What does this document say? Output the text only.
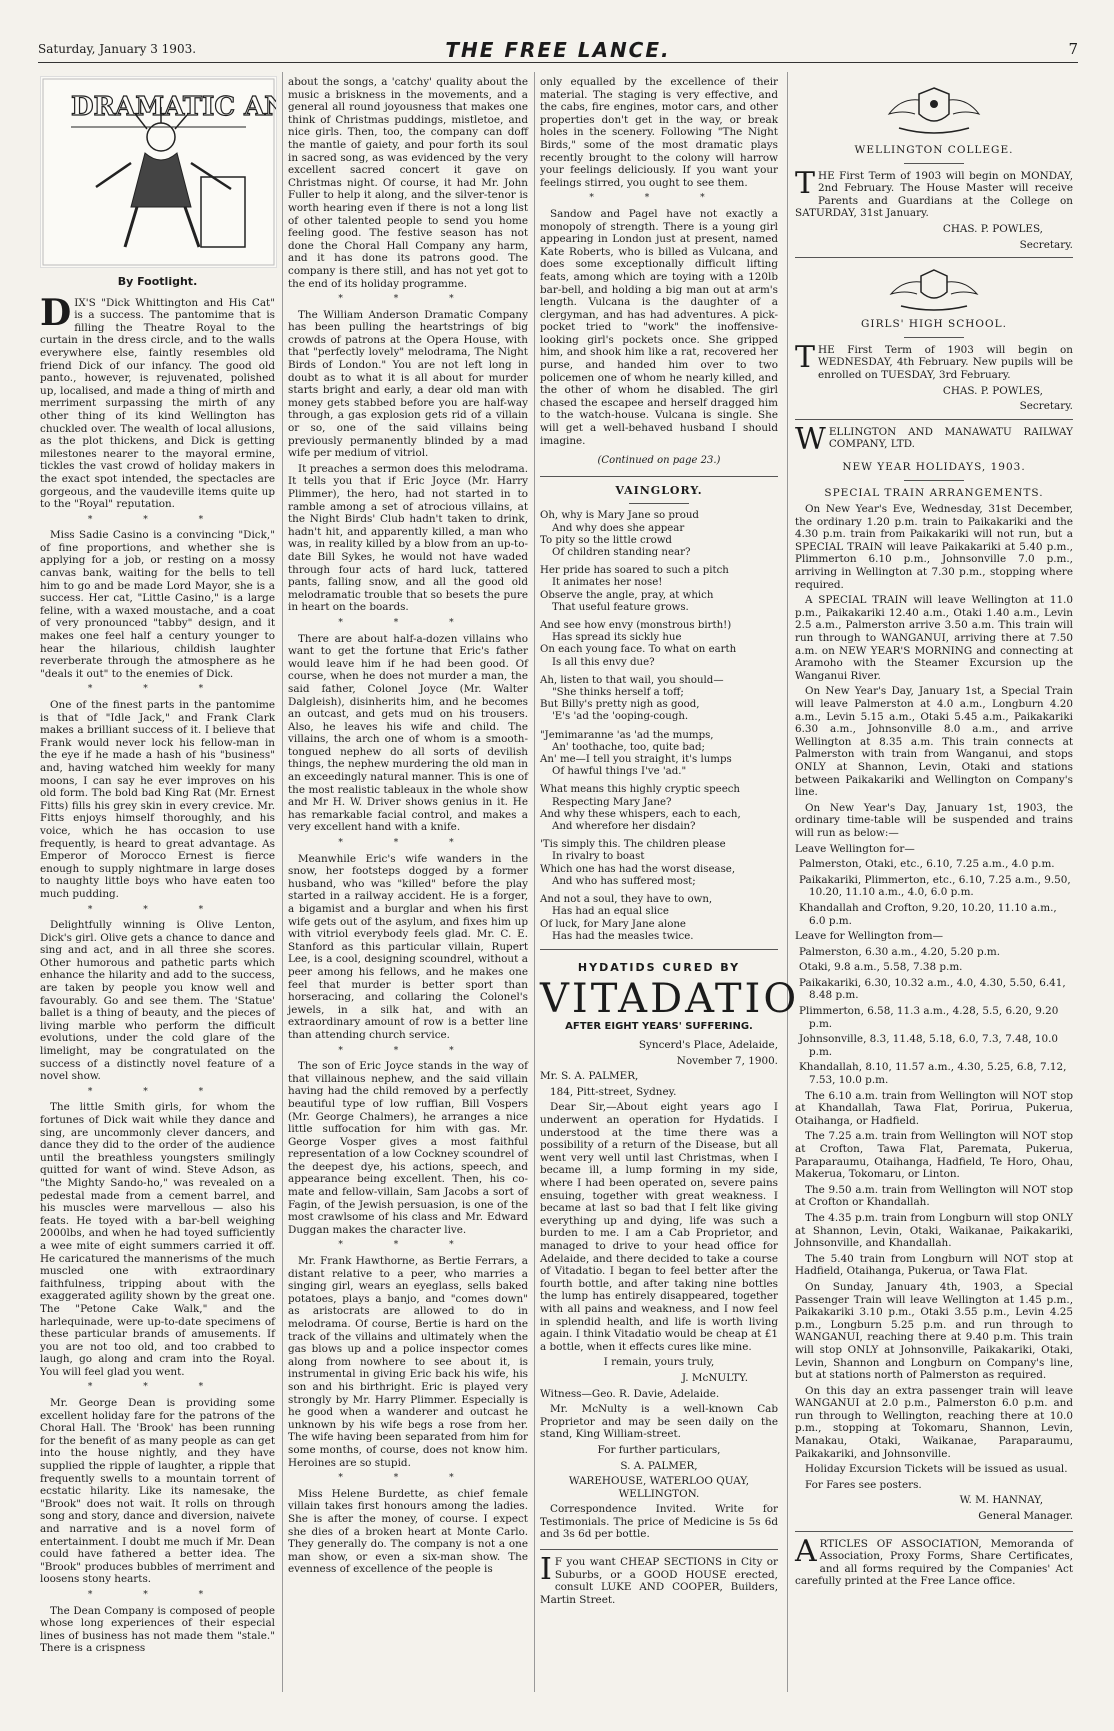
Saturday, January 3 1903.	THE FREE LANCE.	7
DRAMATIC A
By Footlight.

DIX'S "Dick Whittington and His Cat" is a success. The pantomime that is filling the Theatre Royal to the curtain in the dress circle, and to the walls everywhere else, faintly resembles old friend Dick of our infancy. The good old panto., however, is rejuvenated, polished up, localised, and made a thing of mirth and merriment surpassing the mirth of any other thing of its kind Wellington has chuckled over. The wealth of local allusions, as the plot thickens, and Dick is getting milestones nearer to the mayoral ermine, tickles the vast crowd of holiday makers in the exact spot intended, the spectacles are gorgeous, and the vaudeville items quite up to the "Royal" reputation.

* * *

Miss Sadie Casino is a convincing "Dick," of fine proportions, and whether she is applying for a job, or resting on a mossy canvas bank, waiting for the bells to tell him to go and be made Lord Mayor, she is a success. Her cat, "Little Casino," is a large feline, with a waxed moustache, and a coat of very pronounced "tabby" design, and it makes one feel half a century younger to hear the hilarious, childish laughter reverberate through the atmosphere as he "deals it out" to the enemies of Dick.

* * *

One of the finest parts in the pantomime is that of "Idle Jack," and Frank Clark makes a brilliant success of it. I believe that Frank would never lock his fellow-man in the eye if he made a hash of his "business" and, having watched him weekly for many moons, I can say he ever improves on his old form. The bold bad King Rat (Mr. Ernest Fitts) fills his grey skin in every crevice. Mr. Fitts enjoys himself thoroughly, and his voice, which he has occasion to use frequently, is heard to great advantage. As Emperor of Morocco Ernest is fierce enough to supply nightmare in large doses to naughty little boys who have eaten too much pudding.

* * *

Delightfully winning is Olive Lenton, Dick's girl. Olive gets a chance to dance and sing and act, and in all three she scores. Other humorous and pathetic parts which enhance the hilarity and add to the success, are taken by people you know well and favourably. Go and see them. The 'Statue' ballet is a thing of beauty, and the pieces of living marble who perform the difficult evolutions, under the cold glare of the limelight, may be congratulated on the success of a distinctly novel feature of a novel show.

* * *

The little Smith girls, for whom the fortunes of Dick wait while they dance and sing, are uncommonly clever dancers, and dance they did to the order of the audience until the breathless youngsters smilingly quitted for want of wind. Steve Adson, as "the Mighty Sando-ho," was revealed on a pedestal made from a cement barrel, and his muscles were marvellous — also his feats. He toyed with a bar-bell weighing 2000lbs, and when he had toyed sufficiently a wee mite of eight summers carried it off. He caricatured the mannerisms of the much muscled one with extraordinary faithfulness, tripping about with the exaggerated agility shown by the great one. The "Petone Cake Walk," and the harlequinade, were up-to-date specimens of these particular brands of amusements. If you are not too old, and too crabbed to laugh, go along and cram into the Royal. You will feel glad you went.

* * *

Mr. George Dean is providing some excellent holiday fare for the patrons of the Choral Hall. The 'Brook' has been running for the benefit of as many people as can get into the house nightly, and they have supplied the ripple of laughter, a ripple that frequently swells to a mountain torrent of ecstatic hilarity. Like its namesake, the "Brook" does not wait. It rolls on through song and story, dance and diversion, naivete and narrative and is a novel form of entertainment. I doubt me much if Mr. Dean could have fathered a better idea. The "Brook" produces bubbles of merriment and loosens stony hearts.

* * *

The Dean Company is composed of people whose long experiences of their especial lines of business has not made them "stale." There is a crispness

about the songs, a 'catchy' quality about the music a briskness in the movements, and a general all round joyousness that makes one think of Christmas puddings, mistletoe, and nice girls. Then, too, the company can doff the mantle of gaiety, and pour forth its soul in sacred song, as was evidenced by the very excellent sacred concert it gave on Christmas night. Of course, it had Mr. John Fuller to help it along, and the silver-tenor is worth hearing even if there is not a long list of other talented people to send you home feeling good. The festive season has not done the Choral Hall Company any harm, and it has done its patrons good. The company is there still, and has not yet got to the end of its holiday programme.

* * *

The William Anderson Dramatic Company has been pulling the heartstrings of big crowds of patrons at the Opera House, with that "perfectly lovely" melodrama, The Night Birds of London." You are not left long in doubt as to what it is all about for murder starts bright and early, a dear old man with money gets stabbed before you are half-way through, a gas explosion gets rid of a villain or so, one of the said villains being previously permanently blinded by a mad wife per medium of vitriol.

It preaches a sermon does this melodrama. It tells you that if Eric Joyce (Mr. Harry Plimmer), the hero, had not started in to ramble among a set of atrocious villains, at the Night Birds' Club hadn't taken to drink, hadn't hit, and apparently killed, a man who was, in reality killed by a blow from an up-to-date Bill Sykes, he would not have waded through four acts of hard luck, tattered pants, falling snow, and all the good old melodramatic trouble that so besets the pure in heart on the boards.

* * *

There are about half-a-dozen villains who want to get the fortune that Eric's father would leave him if he had been good. Of course, when he does not murder a man, the said father, Colonel Joyce (Mr. Walter Dalgleish), disinherits him, and he becomes an outcast, and gets mud on his trousers. Also, he leaves his wife and child. The villains, the arch one of whom is a smooth-tongued nephew do all sorts of devilish things, the nephew murdering the old man in an exceedingly natural manner. This is one of the most realistic tableaux in the whole show and Mr H. W. Driver shows genius in it. He has remarkable facial control, and makes a very excellent hand with a knife.

* * *

Meanwhile Eric's wife wanders in the snow, her footsteps dogged by a former husband, who was "killed" before the play started in a railway accident. He is a forger, a bigamist and a burglar and when his first wife gets out of the asylum, and fixes him up with vitriol everybody feels glad. Mr. C. E. Stanford as this particular villain, Rupert Lee, is a cool, designing scoundrel, without a peer among his fellows, and he makes one feel that murder is better sport than horseracing, and collaring the Colonel's jewels, in a silk hat, and with an extraordinary amount of row is a better line than attending church service.

* * *

The son of Eric Joyce stands in the way of that villainous nephew, and the said villain having had the child removed by a perfectly beautiful type of low ruffian, Bill Vospers (Mr. George Chalmers), he arranges a nice little suffocation for him with gas. Mr. George Vosper gives a most faithful representation of a low Cockney scoundrel of the deepest dye, his actions, speech, and appearance being excellent. Then, his co-mate and fellow-villain, Sam Jacobs a sort of Fagin, of the Jewish persuasion, is one of the most crawlsome of his class and Mr. Edward Duggan makes the character live.

* * *

Mr. Frank Hawthorne, as Bertie Ferrars, a distant relative to a peer, who marries a singing girl, wears an eyeglass, sells baked potatoes, plays a banjo, and "comes down" as aristocrats are allowed to do in melodrama. Of course, Bertie is hard on the track of the villains and ultimately when the gas blows up and a police inspector comes along from nowhere to see about it, is instrumental in giving Eric back his wife, his son and his birthright. Eric is played very strongly by Mr. Harry Plimmer. Especially is he good when a wanderer and outcast he unknown by his wife begs a rose from her. The wife having been separated from him for some months, of course, does not know him. Heroines are so stupid.

* * *

Miss Helene Burdette, as chief female villain takes first honours among the ladies. She is after the money, of course. I expect she dies of a broken heart at Monte Carlo. They generally do. The company is not a one man show, or even a six-man show. The evenness of excellence of the people is

only equalled by the excellence of their material. The staging is very effective, and the cabs, fire engines, motor cars, and other properties don't get in the way, or break holes in the scenery. Following "The Night Birds," some of the most dramatic plays recently brought to the colony will harrow your feelings deliciously. If you want your feelings stirred, you ought to see them.

* * *

Sandow and Pagel have not exactly a monopoly of strength. There is a young girl appearing in London just at present, named Kate Roberts, who is billed as Vulcana, and does some exceptionally difficult lifting feats, among which are toying with a 120lb bar-bell, and holding a big man out at arm's length. Vulcana is the daughter of a clergyman, and has had adventures. A pick-pocket tried to "work" the inoffensive-looking girl's pockets once. She gripped him, and shook him like a rat, recovered her purse, and handed him over to two policemen one of whom he nearly killed, and the other of whom he disabled. The girl chased the escapee and herself dragged him to the watch-house. Vulcana is single. She will get a well-behaved husband I should imagine.

(Continued on page 23.)
VAINGLORY.
Oh, why is Mary Jane so proud
And why does she appear
To pity so the little crowd
Of children standing near?
Her pride has soared to such a pitch
It animates her nose!
Observe the angle, pray, at which
That useful feature grows.
And see how envy (monstrous birth!)
Has spread its sickly hue
On each young face. To what on earth
Is all this envy due?
Ah, listen to that wail, you should—
"She thinks herself a toff;
But Billy's pretty nigh as good,
'E's 'ad the 'ooping-cough.
"Jemimaranne 'as 'ad the mumps,
An' toothache, too, quite bad;
An' me—I tell you straight, it's lumps
Of hawful things I've 'ad."
What means this highly cryptic speech
Respecting Mary Jane?
And why these whispers, each to each,
And wherefore her disdain?
'Tis simply this. The children please
In rivalry to boast
Which one has had the worst disease,
And who has suffered most;
And not a soul, they have to own,
Has had an equal slice
Of luck, for Mary Jane alone
Has had the measles twice.
HYDATIDS CURED BY
VITADATIO
AFTER EIGHT YEARS' SUFFERING.

Syncerd's Place, Adelaide,

November 7, 1900.

Mr. S. A. PALMER,

184, Pitt-street, Sydney.

Dear Sir,—About eight years ago I underwent an operation for Hydatids. I understood at the time there was a possibility of a return of the Disease, but all went very well until last Christmas, when I became ill, a lump forming in my side, where I had been operated on, severe pains ensuing, together with great weakness. I became at last so bad that I felt like giving everything up and dying, life was such a burden to me. I am a Cab Proprietor, and managed to drive to your head office for Adelaide, and there decided to take a course of Vitadatio. I began to feel better after the fourth bottle, and after taking nine bottles the lump has entirely disappeared, together with all pains and weakness, and I now feel in splendid health, and life is worth living again. I think Vitadatio would be cheap at £1 a bottle, when it effects cures like mine.

I remain, yours truly,

J. McNULTY.

Witness—Geo. R. Davie, Adelaide.

Mr. McNulty is a well-known Cab Proprietor and may be seen daily on the stand, King William-street.

For further particulars,

S. A. PALMER,

WAREHOUSE, WATERLOO QUAY, WELLINGTON.

Correspondence Invited. Write for Testimonials. The price of Medicine is 5s 6d and 3s 6d per bottle.

I F you want CHEAP SECTIONS in City or Suburbs, or a GOOD HOUSE erected, consult LUKE AND COOPER, Builders, Martin Street.

WELLINGTON COLLEGE.

THE First Term of 1903 will begin on MONDAY, 2nd February. The House Master will receive Parents and Guardians at the College on SATURDAY, 31st January.

CHAS. P. POWLES,

Secretary.

GIRLS' HIGH SCHOOL.

THE First Term of 1903 will begin on WEDNESDAY, 4th February. New pupils will be enrolled on TUESDAY, 3rd February.

CHAS. P. POWLES,

Secretary.

WELLINGTON AND MANAWATU RAILWAY COMPANY, LTD.

NEW YEAR HOLIDAYS, 1903.
SPECIAL TRAIN ARRANGEMENTS.

On New Year's Eve, Wednesday, 31st December, the ordinary 1.20 p.m. train to Paikakariki and the 4.30 p.m. train from Paikakariki will not run, but a SPECIAL TRAIN will leave Paikakariki at 5.40 p.m., Plimmerton 6.10 p.m., Johnsonville 7.0 p.m., arriving in Wellington at 7.30 p.m., stopping where required.

A SPECIAL TRAIN will leave Wellington at 11.0 p.m., Paikakariki 12.40 a.m., Otaki 1.40 a.m., Levin 2.5 a.m., Palmerston arrive 3.50 a.m. This train will run through to WANGANUI, arriving there at 7.50 a.m. on NEW YEAR'S MORNING and connecting at Aramoho with the Steamer Excursion up the Wanganui River.

On New Year's Day, January 1st, a Special Train will leave Palmerston at 4.0 a.m., Longburn 4.20 a.m., Levin 5.15 a.m., Otaki 5.45 a.m., Paikakariki 6.30 a.m., Johnsonville 8.0 a.m., and arrive Wellington at 8.35 a.m. This train connects at Palmerston with train from Wanganui, and stops ONLY at Shannon, Levin, Otaki and stations between Paikakariki and Wellington on Company's line.

On New Year's Day, January 1st, 1903, the ordinary time-table will be suspended and trains will run as below:—

Leave Wellington for—

Palmerston, Otaki, etc., 6.10, 7.25 a.m., 4.0 p.m.

Paikakariki, Plimmerton, etc., 6.10, 7.25 a.m., 9.50, 10.20, 11.10 a.m., 4.0, 6.0 p.m.

Khandallah and Crofton, 9.20, 10.20, 11.10 a.m., 6.0 p.m.

Leave for Wellington from—

Palmerston, 6.30 a.m., 4.20, 5.20 p.m.

Otaki, 9.8 a.m., 5.58, 7.38 p.m.

Paikakariki, 6.30, 10.32 a.m., 4.0, 4.30, 5.50, 6.41, 8.48 p.m.

Plimmerton, 6.58, 11.3 a.m., 4.28, 5.5, 6.20, 9.20 p.m.

Johnsonville, 8.3, 11.48, 5.18, 6.0, 7.3, 7.48, 10.0 p.m.

Khandallah, 8.10, 11.57 a.m., 4.30, 5.25, 6.8, 7.12, 7.53, 10.0 p.m.

The 6.10 a.m. train from Wellington will NOT stop at Khandallah, Tawa Flat, Porirua, Pukerua, Otaihanga, or Hadfield.

The 7.25 a.m. train from Wellington will NOT stop at Crofton, Tawa Flat, Paremata, Pukerua, Paraparaumu, Otaihanga, Hadfield, Te Horo, Ohau, Makerua, Tokomaru, or Linton.

The 9.50 a.m. train from Wellington will NOT stop at Crofton or Khandallah.

The 4.35 p.m. train from Longburn will stop ONLY at Shannon, Levin, Otaki, Waikanae, Paikakariki, Johnsonville, and Khandallah.

The 5.40 train from Longburn will NOT stop at Hadfield, Otaihanga, Pukerua, or Tawa Flat.

On Sunday, January 4th, 1903, a Special Passenger Train will leave Wellington at 1.45 p.m., Paikakariki 3.10 p.m., Otaki 3.55 p.m., Levin 4.25 p.m., Longburn 5.25 p.m. and run through to WANGANUI, reaching there at 9.40 p.m. This train will stop ONLY at Johnsonville, Paikakariki, Otaki, Levin, Shannon and Longburn on Company's line, but at stations north of Palmerston as required.

On this day an extra passenger train will leave WANGANUI at 2.0 p.m., Palmerston 6.0 p.m. and run through to Wellington, reaching there at 10.0 p.m., stopping at Tokomaru, Shannon, Levin, Manakau, Otaki, Waikanae, Paraparaumu, Paikakariki, and Johnsonville.

Holiday Excursion Tickets will be issued as usual.

For Fares see posters.

W. M. HANNAY,

General Manager.

ARTICLES OF ASSOCIATION, Memoranda of Association, Proxy Forms, Share Certificates, and all forms required by the Companies' Act carefully printed at the Free Lance office.
